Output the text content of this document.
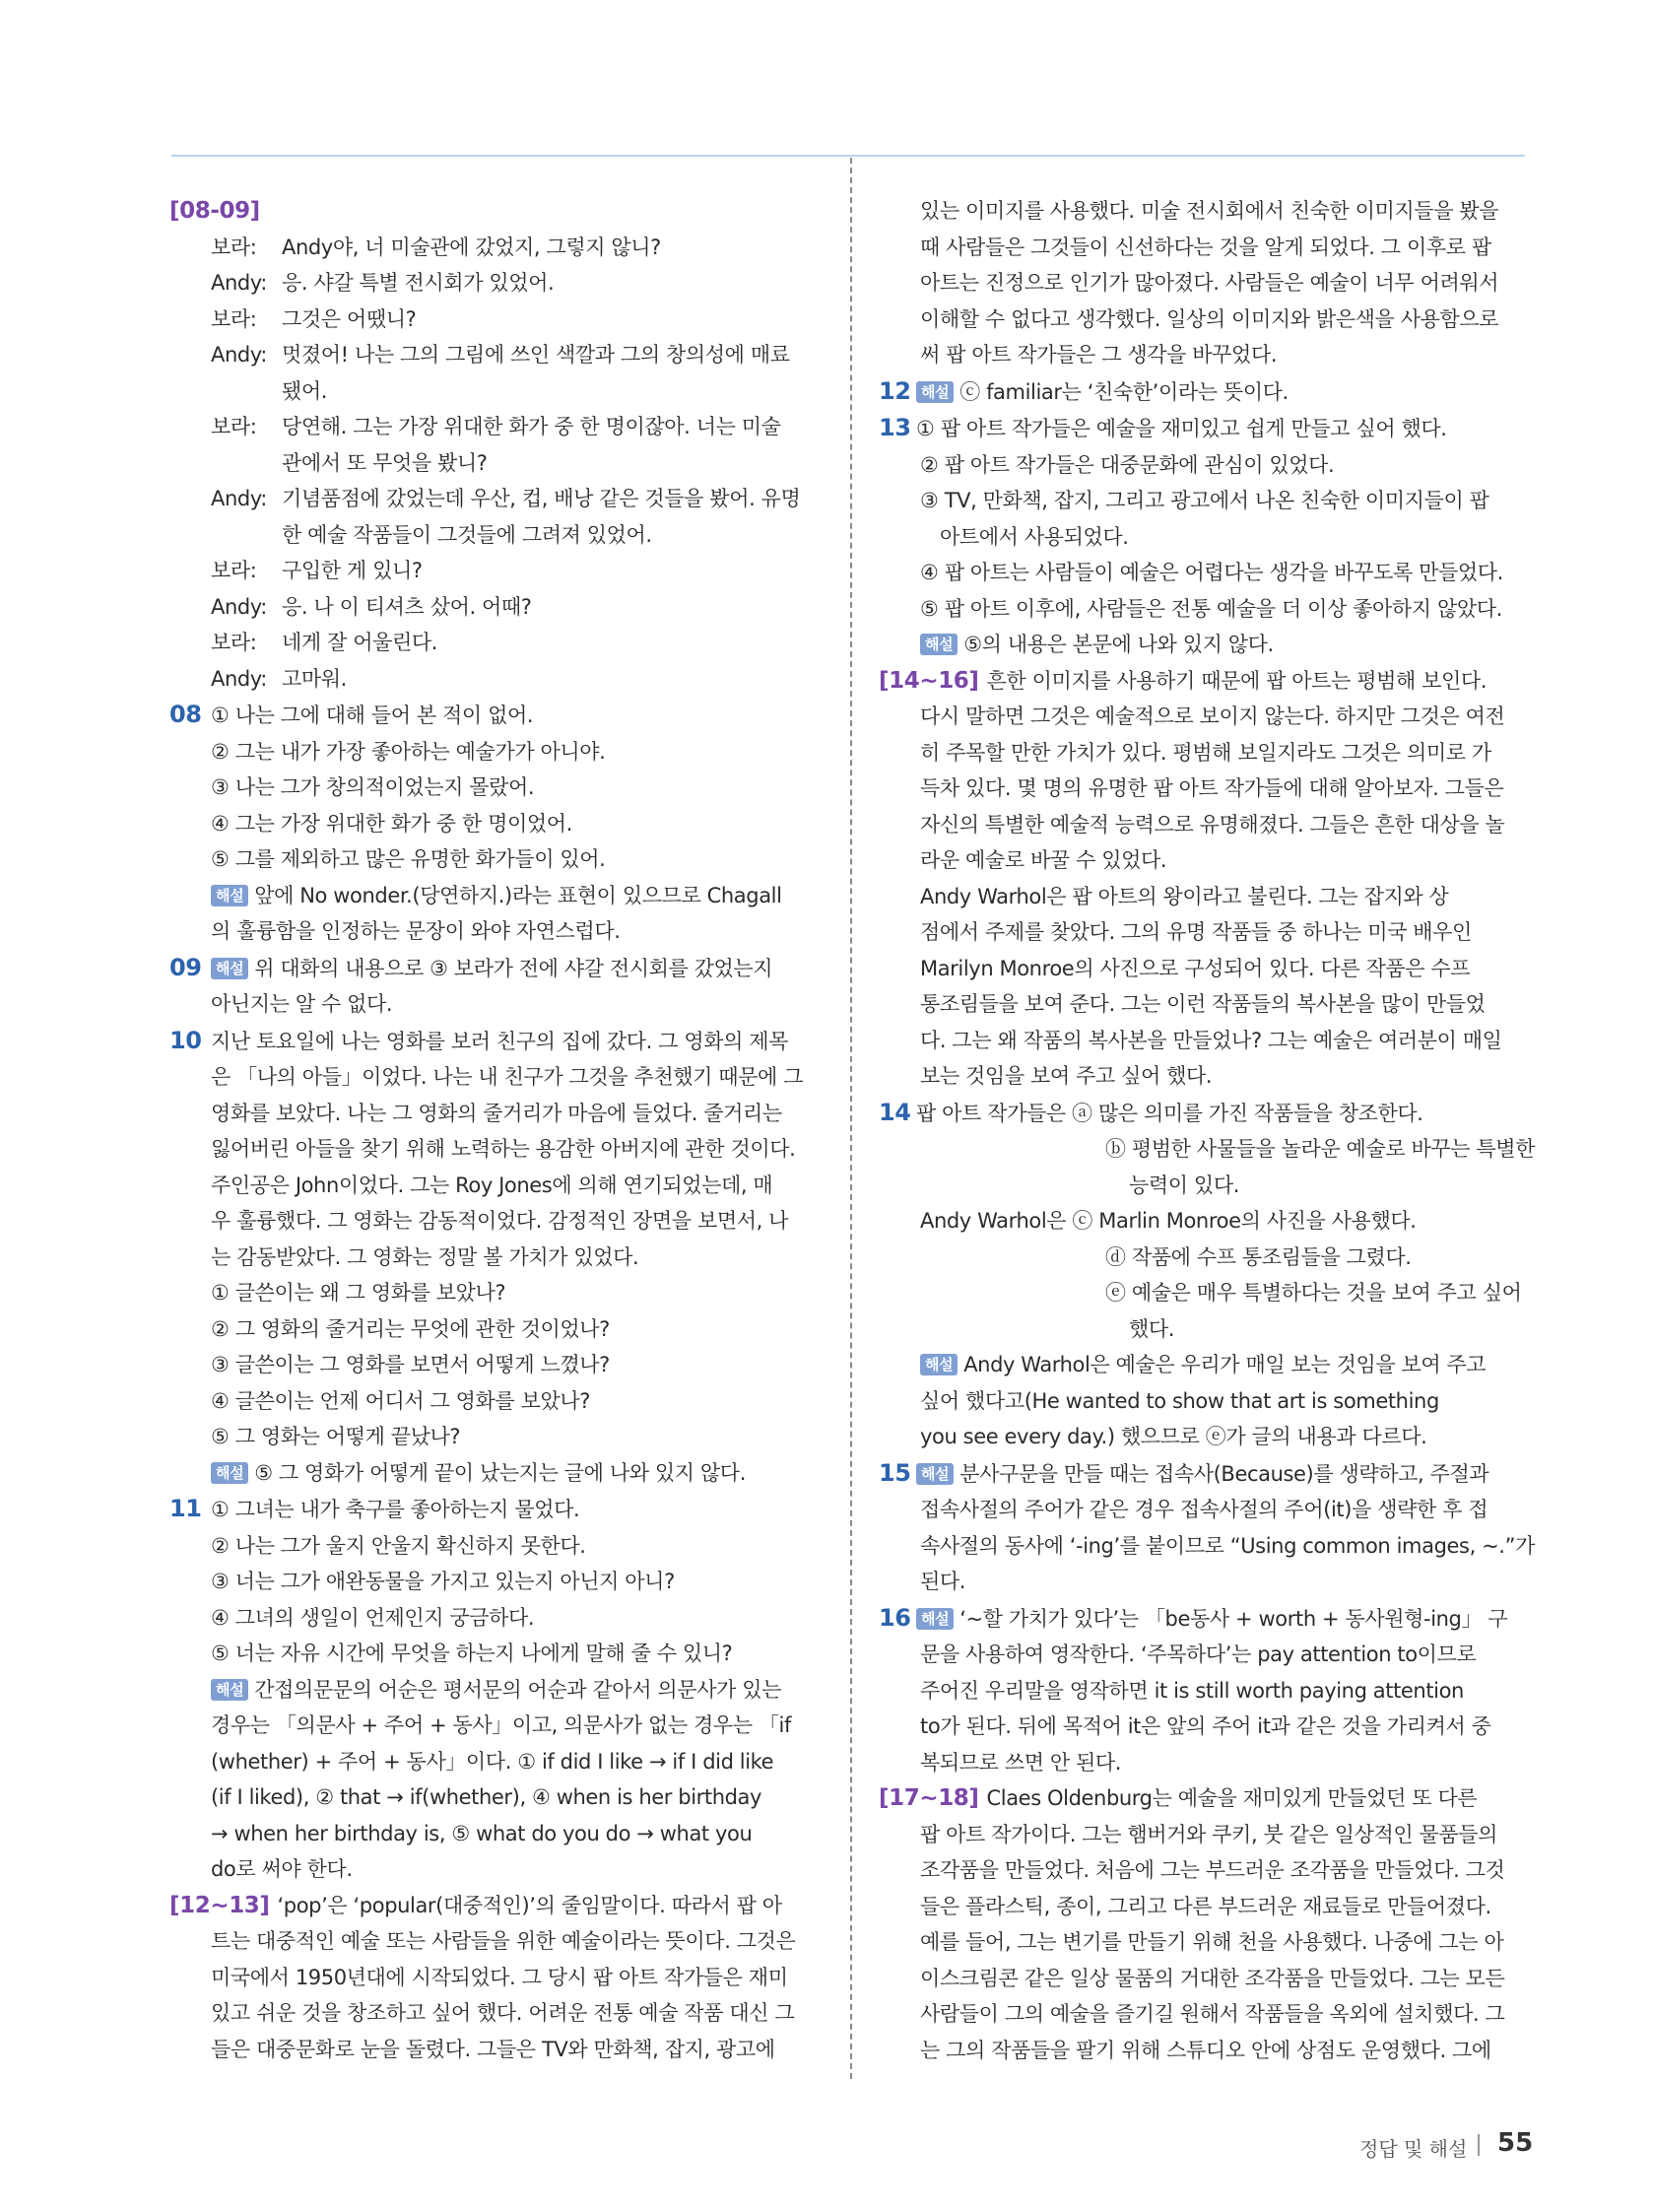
[08-09]
보라: Andy야, 너 미술관에 갔었지, 그렇지 않니?
Andy: 응. 샤갈 특별 전시회가 있었어.
보라: 그것은 어땠니?
Andy: 멋졌어! 나는 그의 그림에 쓰인 색깔과 그의 창의성에 매료
됐어.
보라: 당연해. 그는 가장 위대한 화가 중 한 명이잖아. 너는 미술
관에서 또 무엇을 봤니?
Andy: 기념품점에 갔었는데 우산, 컵, 배낭 같은 것들을 봤어. 유명
한 예술 작품들이 그것들에 그려져 있었어.
보라: 구입한 게 있니?
Andy: 응. 나 이 티셔츠 샀어. 어때?
보라: 네게 잘 어울린다.
Andy: 고마워.
08 ① 나는 그에 대해 들어 본 적이 없어.
② 그는 내가 가장 좋아하는 예술가가 아니야.
③ 나는 그가 창의적이었는지 몰랐어.
④ 그는 가장 위대한 화가 중 한 명이었어.
⑤ 그를 제외하고 많은 유명한 화가들이 있어.
해설 앞에 No wonder.(당연하지.)라는 표현이 있으므로 Chagall
의 훌륭함을 인정하는 문장이 와야 자연스럽다.
09 해설 위 대화의 내용으로 ③ 보라가 전에 샤갈 전시회를 갔었는지
아닌지는 알 수 없다.
10 지난 토요일에 나는 영화를 보러 친구의 집에 갔다. 그 영화의 제목
은 「나의 아들」이었다. 나는 내 친구가 그것을 추천했기 때문에 그
영화를 보았다. 나는 그 영화의 줄거리가 마음에 들었다. 줄거리는
잃어버린 아들을 찾기 위해 노력하는 용감한 아버지에 관한 것이다.
주인공은 John이었다. 그는 Roy Jones에 의해 연기되었는데, 매
우 훌륭했다. 그 영화는 감동적이었다. 감정적인 장면을 보면서, 나
는 감동받았다. 그 영화는 정말 볼 가치가 있었다.
① 글쓴이는 왜 그 영화를 보았나?
② 그 영화의 줄거리는 무엇에 관한 것이었나?
③ 글쓴이는 그 영화를 보면서 어떻게 느꼈나?
④ 글쓴이는 언제 어디서 그 영화를 보았나?
⑤ 그 영화는 어떻게 끝났나?
해설 ⑤ 그 영화가 어떻게 끝이 났는지는 글에 나와 있지 않다.
11 ① 그녀는 내가 축구를 좋아하는지 물었다.
② 나는 그가 울지 안울지 확신하지 못한다.
③ 너는 그가 애완동물을 가지고 있는지 아닌지 아니?
④ 그녀의 생일이 언제인지 궁금하다.
⑤ 너는 자유 시간에 무엇을 하는지 나에게 말해 줄 수 있니?
해설 간접의문문의 어순은 평서문의 어순과 같아서 의문사가 있는
경우는 「의문사 + 주어 + 동사」이고, 의문사가 없는 경우는 「if
(whether) + 주어 + 동사」이다. ① if did I like → if I did like
(if I liked), ② that → if(whether), ④ when is her birthday
→ when her birthday is, ⑤ what do you do → what you
do로 써야 한다.
[12~13] ‘pop’은 ‘popular(대중적인)’의 줄임말이다. 따라서 팝 아
트는 대중적인 예술 또는 사람들을 위한 예술이라는 뜻이다. 그것은
미국에서 1950년대에 시작되었다. 그 당시 팝 아트 작가들은 재미
있고 쉬운 것을 창조하고 싶어 했다. 어려운 전통 예술 작품 대신 그
들은 대중문화로 눈을 돌렸다. 그들은 TV와 만화책, 잡지, 광고에
있는 이미지를 사용했다. 미술 전시회에서 친숙한 이미지들을 봤을
때 사람들은 그것들이 신선하다는 것을 알게 되었다. 그 이후로 팝
아트는 진정으로 인기가 많아졌다. 사람들은 예술이 너무 어려워서
이해할 수 없다고 생각했다. 일상의 이미지와 밝은색을 사용함으로
써 팝 아트 작가들은 그 생각을 바꾸었다.
12 해설 ⓒ familiar는 ‘친숙한’이라는 뜻이다.
13 ① 팝 아트 작가들은 예술을 재미있고 쉽게 만들고 싶어 했다.
② 팝 아트 작가들은 대중문화에 관심이 있었다.
③ TV, 만화책, 잡지, 그리고 광고에서 나온 친숙한 이미지들이 팝
아트에서 사용되었다.
④ 팝 아트는 사람들이 예술은 어렵다는 생각을 바꾸도록 만들었다.
⑤ 팝 아트 이후에, 사람들은 전통 예술을 더 이상 좋아하지 않았다.
해설 ⑤의 내용은 본문에 나와 있지 않다.
[14~16] 흔한 이미지를 사용하기 때문에 팝 아트는 평범해 보인다.
다시 말하면 그것은 예술적으로 보이지 않는다. 하지만 그것은 여전
히 주목할 만한 가치가 있다. 평범해 보일지라도 그것은 의미로 가
득차 있다. 몇 명의 유명한 팝 아트 작가들에 대해 알아보자. 그들은
자신의 특별한 예술적 능력으로 유명해졌다. 그들은 흔한 대상을 놀
라운 예술로 바꿀 수 있었다.
Andy Warhol은 팝 아트의 왕이라고 불린다. 그는 잡지와 상
점에서 주제를 찾았다. 그의 유명 작품들 중 하나는 미국 배우인
Marilyn Monroe의 사진으로 구성되어 있다. 다른 작품은 수프
통조림들을 보여 준다. 그는 이런 작품들의 복사본을 많이 만들었
다. 그는 왜 작품의 복사본을 만들었나? 그는 예술은 여러분이 매일
보는 것임을 보여 주고 싶어 했다.
14 팝 아트 작가들은 ⓐ 많은 의미를 가진 작품들을 창조한다.
ⓑ 평범한 사물들을 놀라운 예술로 바꾸는 특별한
능력이 있다.
Andy Warhol은 ⓒ Marlin Monroe의 사진을 사용했다.
ⓓ 작품에 수프 통조림들을 그렸다.
ⓔ 예술은 매우 특별하다는 것을 보여 주고 싶어
했다.
해설 Andy Warhol은 예술은 우리가 매일 보는 것임을 보여 주고
싶어 했다고(He wanted to show that art is something
you see every day.) 했으므로 ⓔ가 글의 내용과 다르다.
15 해설 분사구문을 만들 때는 접속사(Because)를 생략하고, 주절과
접속사절의 주어가 같은 경우 접속사절의 주어(it)을 생략한 후 접
속사절의 동사에 ‘-ing’를 붙이므로 “Using common images, ~.”가
된다.
16 해설 ‘~할 가치가 있다’는 「be동사 + worth + 동사원형-ing」 구
문을 사용하여 영작한다. ‘주목하다’는 pay attention to이므로
주어진 우리말을 영작하면 it is still worth paying attention
to가 된다. 뒤에 목적어 it은 앞의 주어 it과 같은 것을 가리켜서 중
복되므로 쓰면 안 된다.
[17~18] Claes Oldenburg는 예술을 재미있게 만들었던 또 다른
팝 아트 작가이다. 그는 햄버거와 쿠키, 붓 같은 일상적인 물품들의
조각품을 만들었다. 처음에 그는 부드러운 조각품을 만들었다. 그것
들은 플라스틱, 종이, 그리고 다른 부드러운 재료들로 만들어졌다.
예를 들어, 그는 변기를 만들기 위해 천을 사용했다. 나중에 그는 아
이스크림콘 같은 일상 물품의 거대한 조각품을 만들었다. 그는 모든
사람들이 그의 예술을 즐기길 원해서 작품들을 옥외에 설치했다. 그
는 그의 작품들을 팔기 위해 스튜디오 안에 상점도 운영했다. 그에
정답 및 해설 55
